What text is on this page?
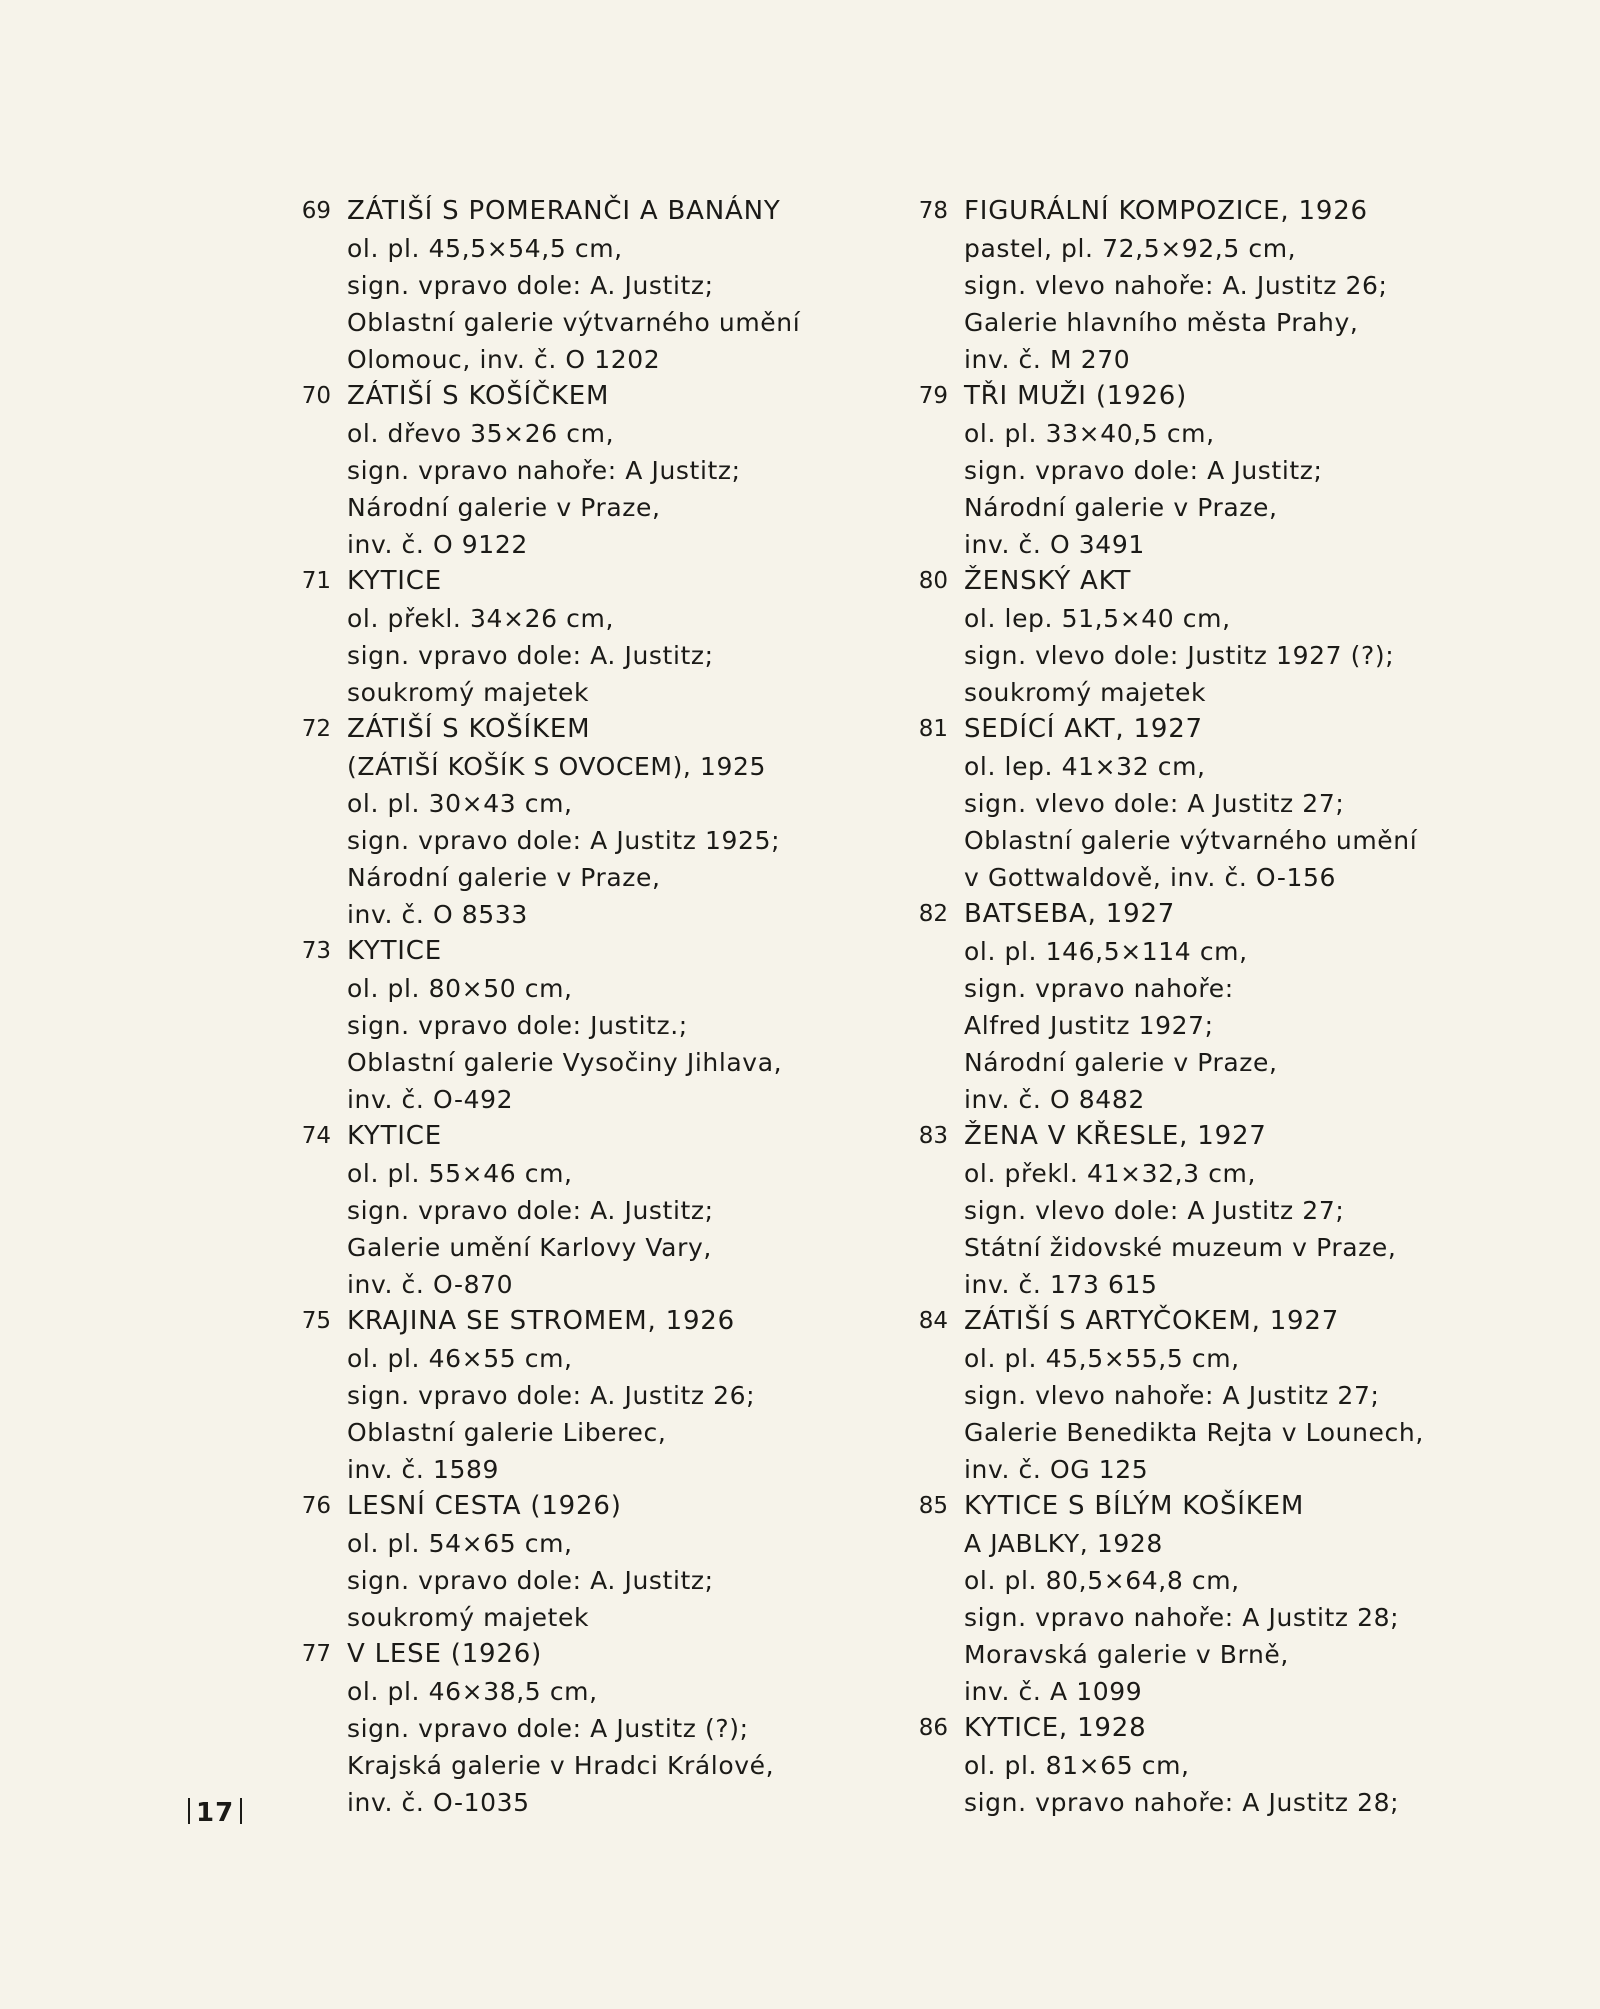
69 ZÁTIŠÍ S POMERANČI A BANÁNY
ol. pl. 45,5×54,5 cm,
sign. vpravo dole: A. Justitz;
Oblastní galerie výtvarného umění
Olomouc, inv. č. O 1202
70 ZÁTIŠÍ S KOŠÍČKEM
ol. dřevo 35×26 cm,
sign. vpravo nahoře: A Justitz;
Národní galerie v Praze,
inv. č. O 9122
71 KYTICE
ol. překl. 34×26 cm,
sign. vpravo dole: A. Justitz;
soukromý majetek
72 ZÁTIŠÍ S KOŠÍKEM
(ZÁTIŠÍ KOŠÍK S OVOCEM), 1925
ol. pl. 30×43 cm,
sign. vpravo dole: A Justitz 1925;
Národní galerie v Praze,
inv. č. O 8533
73 KYTICE
ol. pl. 80×50 cm,
sign. vpravo dole: Justitz.;
Oblastní galerie Vysočiny Jihlava,
inv. č. O-492
74 KYTICE
ol. pl. 55×46 cm,
sign. vpravo dole: A. Justitz;
Galerie umění Karlovy Vary,
inv. č. O-870
75 KRAJINA SE STROMEM, 1926
ol. pl. 46×55 cm,
sign. vpravo dole: A. Justitz 26;
Oblastní galerie Liberec,
inv. č. 1589
76 LESNÍ CESTA (1926)
ol. pl. 54×65 cm,
sign. vpravo dole: A. Justitz;
soukromý majetek
77 V LESE (1926)
ol. pl. 46×38,5 cm,
sign. vpravo dole: A Justitz (?);
Krajská galerie v Hradci Králové,
inv. č. O-1035
78 FIGURÁLNÍ KOMPOZICE, 1926
pastel, pl. 72,5×92,5 cm,
sign. vlevo nahoře: A. Justitz 26;
Galerie hlavního města Prahy,
inv. č. M 270
79 TŘI MUŽI (1926)
ol. pl. 33×40,5 cm,
sign. vpravo dole: A Justitz;
Národní galerie v Praze,
inv. č. O 3491
80 ŽENSKÝ AKT
ol. lep. 51,5×40 cm,
sign. vlevo dole: Justitz 1927 (?);
soukromý majetek
81 SEDÍCÍ AKT, 1927
ol. lep. 41×32 cm,
sign. vlevo dole: A Justitz 27;
Oblastní galerie výtvarného umění
v Gottwaldově, inv. č. O-156
82 BATSEBA, 1927
ol. pl. 146,5×114 cm,
sign. vpravo nahoře:
Alfred Justitz 1927;
Národní galerie v Praze,
inv. č. O 8482
83 ŽENA V KŘESLE, 1927
ol. překl. 41×32,3 cm,
sign. vlevo dole: A Justitz 27;
Státní židovské muzeum v Praze,
inv. č. 173 615
84 ZÁTIŠÍ S ARTYČOKEM, 1927
ol. pl. 45,5×55,5 cm,
sign. vlevo nahoře: A Justitz 27;
Galerie Benedikta Rejta v Lounech,
inv. č. OG 125
85 KYTICE S BÍLÝM KOŠÍKEM
A JABLKY, 1928
ol. pl. 80,5×64,8 cm,
sign. vpravo nahoře: A Justitz 28;
Moravská galerie v Brně,
inv. č. A 1099
86 KYTICE, 1928
ol. pl. 81×65 cm,
sign. vpravo nahoře: A Justitz 28;
17
